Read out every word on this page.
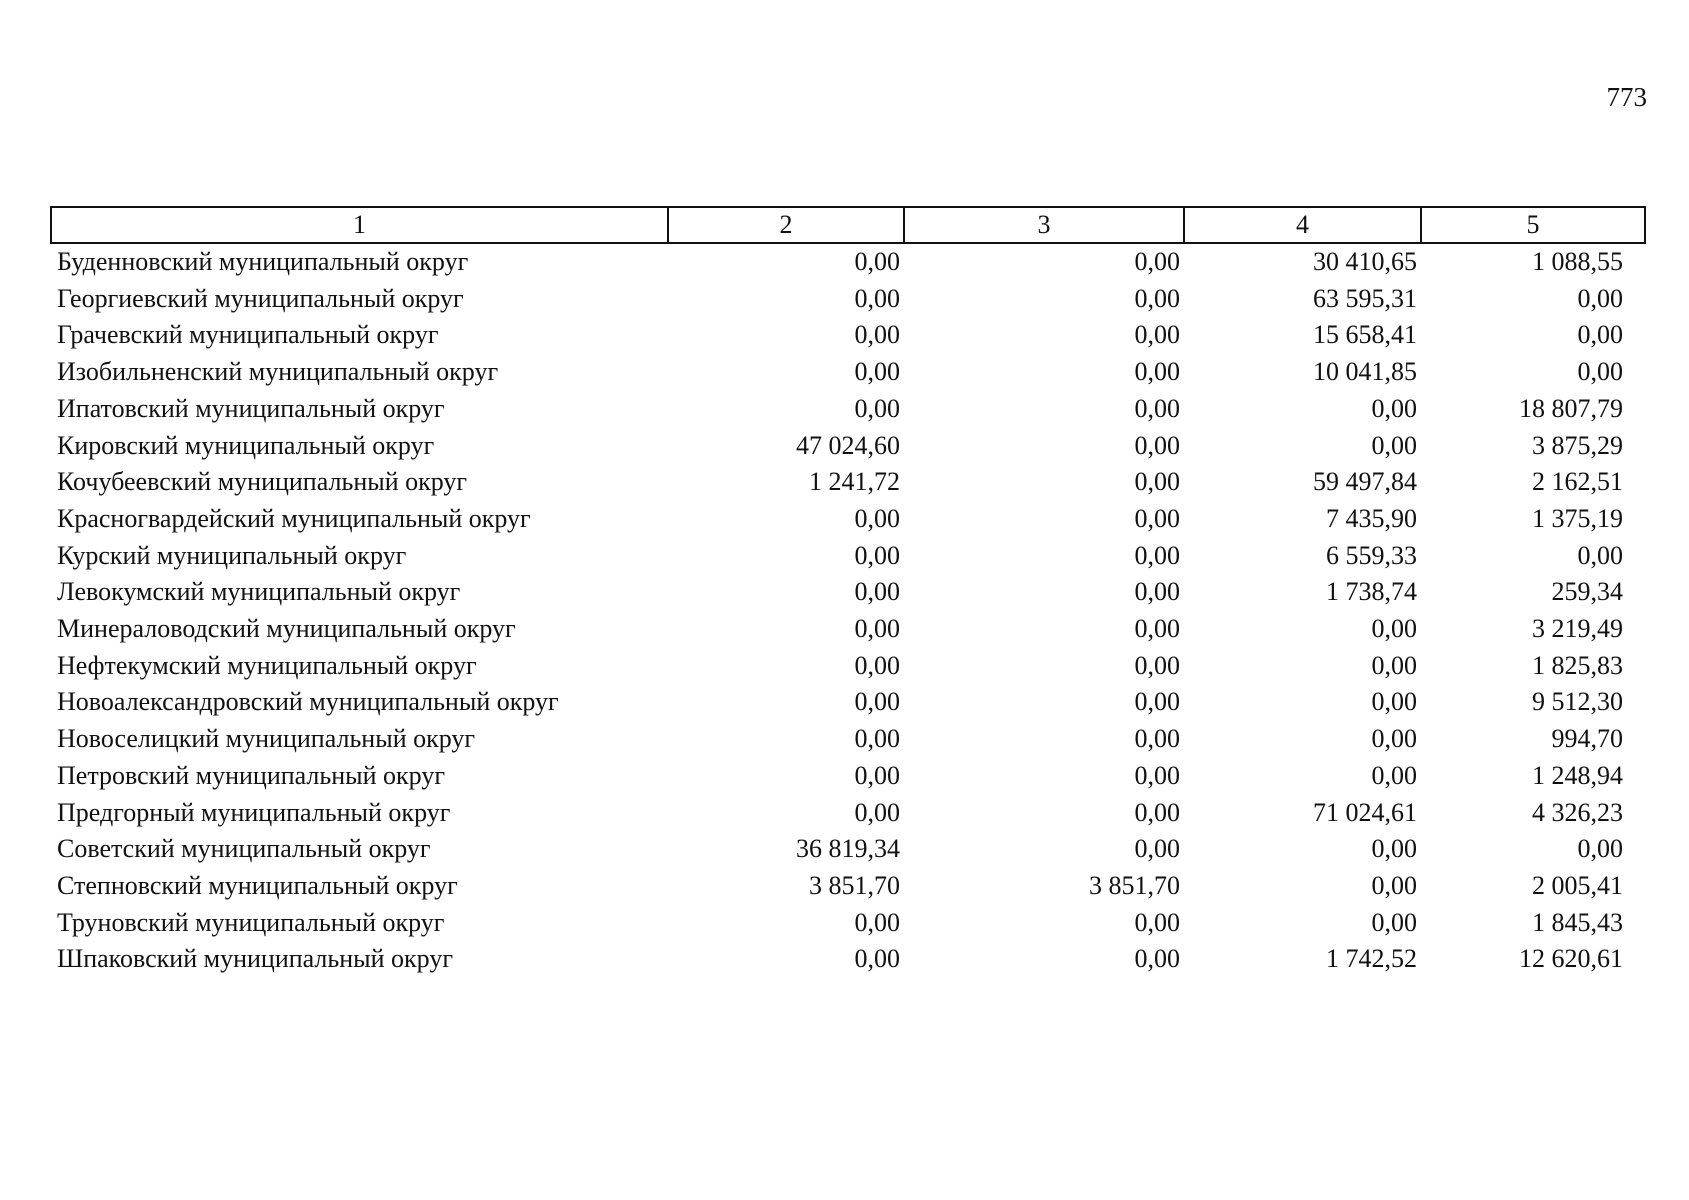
773
1	2	3	4	5
Буденновский муниципальный округ	0,00	0,00	30 410,65	1 088,55
Георгиевский муниципальный округ	0,00	0,00	63 595,31	0,00
Грачевский муниципальный округ	0,00	0,00	15 658,41	0,00
Изобильненский муниципальный округ	0,00	0,00	10 041,85	0,00
Ипатовский муниципальный округ	0,00	0,00	0,00	18 807,79
Кировский муниципальный округ	47 024,60	0,00	0,00	3 875,29
Кочубеевский муниципальный округ	1 241,72	0,00	59 497,84	2 162,51
Красногвардейский муниципальный округ	0,00	0,00	7 435,90	1 375,19
Курский муниципальный округ	0,00	0,00	6 559,33	0,00
Левокумский муниципальный округ	0,00	0,00	1 738,74	259,34
Минераловодский муниципальный округ	0,00	0,00	0,00	3 219,49
Нефтекумский муниципальный округ	0,00	0,00	0,00	1 825,83
Новоалександровский муниципальный округ	0,00	0,00	0,00	9 512,30
Новоселицкий муниципальный округ	0,00	0,00	0,00	994,70
Петровский муниципальный округ	0,00	0,00	0,00	1 248,94
Предгорный муниципальный округ	0,00	0,00	71 024,61	4 326,23
Советский муниципальный округ	36 819,34	0,00	0,00	0,00
Степновский муниципальный округ	3 851,70	3 851,70	0,00	2 005,41
Труновский муниципальный округ	0,00	0,00	0,00	1 845,43
Шпаковский муниципальный округ	0,00	0,00	1 742,52	12 620,61
